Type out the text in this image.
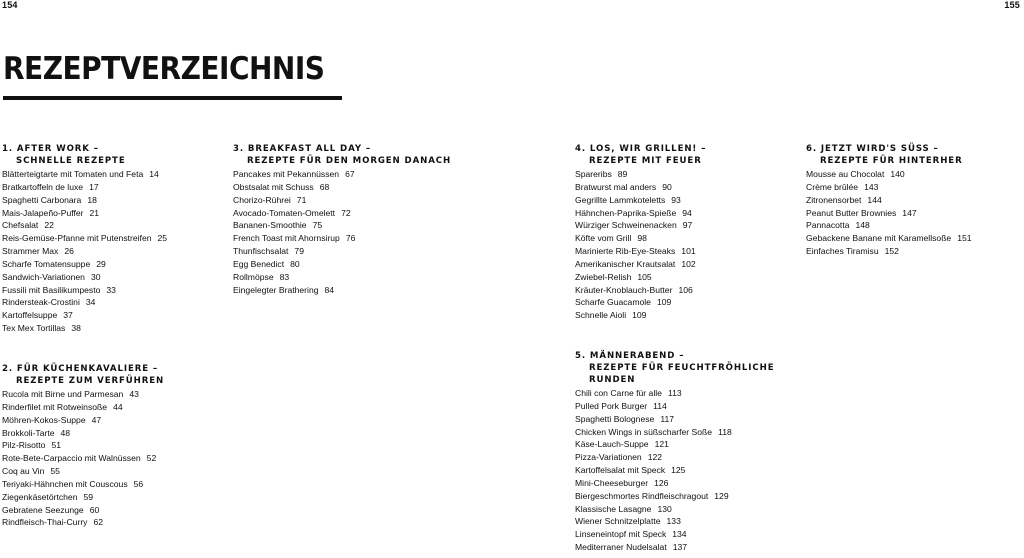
154	155
REZEPTVERZEICHNIS
1. AFTER WORK –
SCHNELLE REZEPTE
Blätterteigtarte mit Tomaten und Feta 14
Bratkartoffeln de luxe 17
Spaghetti Carbonara 18
Mais-Jalapeño-Puffer 21
Chefsalat 22
Reis-Gemüse-Pfanne mit Putenstreifen 25
Strammer Max 26
Scharfe Tomatensuppe 29
Sandwich-Variationen 30
Fussili mit Basilikumpesto 33
Rindersteak-Crostini 34
Kartoffelsuppe 37
Tex Mex Tortillas 38
2. FÜR KÜCHENKAVALIERE –
REZEPTE ZUM VERFÜHREN
Rucola mit Birne und Parmesan 43
Rinderfilet mit Rotweinsoße 44
Möhren-Kokos-Suppe 47
Brokkoli-Tarte 48
Pilz-Risotto 51
Rote-Bete-Carpaccio mit Walnüssen 52
Coq au Vin 55
Teriyaki-Hähnchen mit Couscous 56
Ziegenkäsetörtchen 59
Gebratene Seezunge 60
Rindfleisch-Thai-Curry 62
3. BREAKFAST ALL DAY –
REZEPTE FÜR DEN MORGEN DANACH
Pancakes mit Pekannüssen 67
Obstsalat mit Schuss 68
Chorizo-Rührei 71
Avocado-Tomaten-Omelett 72
Bananen-Smoothie 75
French Toast mit Ahornsirup 76
Thunfischsalat 79
Egg Benedict 80
Rollmöpse 83
Eingelegter Brathering 84
4. LOS, WIR GRILLEN! –
REZEPTE MIT FEUER
Spareribs 89
Bratwurst mal anders 90
Gegrillte Lammkoteletts 93
Hähnchen-Paprika-Spieße 94
Würziger Schweinenacken 97
Köfte vom Grill 98
Marinierte Rib-Eye-Steaks 101
Amerikanischer Krautsalat 102
Zwiebel-Relish 105
Kräuter-Knoblauch-Butter 106
Scharfe Guacamole 109
Schnelle Aioli 109
5. MÄNNERABEND –
REZEPTE FÜR FEUCHTFRÖHLICHE
RUNDEN
Chili con Carne für alle 113
Pulled Pork Burger 114
Spaghetti Bolognese 117
Chicken Wings in süßscharfer Soße 118
Käse-Lauch-Suppe 121
Pizza-Variationen 122
Kartoffelsalat mit Speck 125
Mini-Cheeseburger 126
Biergeschmortes Rindfleischragout 129
Klassische Lasagne 130
Wiener Schnitzelplatte 133
Linseneintopf mit Speck 134
Mediterraner Nudelsalat 137
6. JETZT WIRD'S SÜSS –
REZEPTE FÜR HINTERHER
Mousse au Chocolat 140
Crème brûlée 143
Zitronensorbet 144
Peanut Butter Brownies 147
Pannacotta 148
Gebackene Banane mit Karamellsoße 151
Einfaches Tiramisu 152
